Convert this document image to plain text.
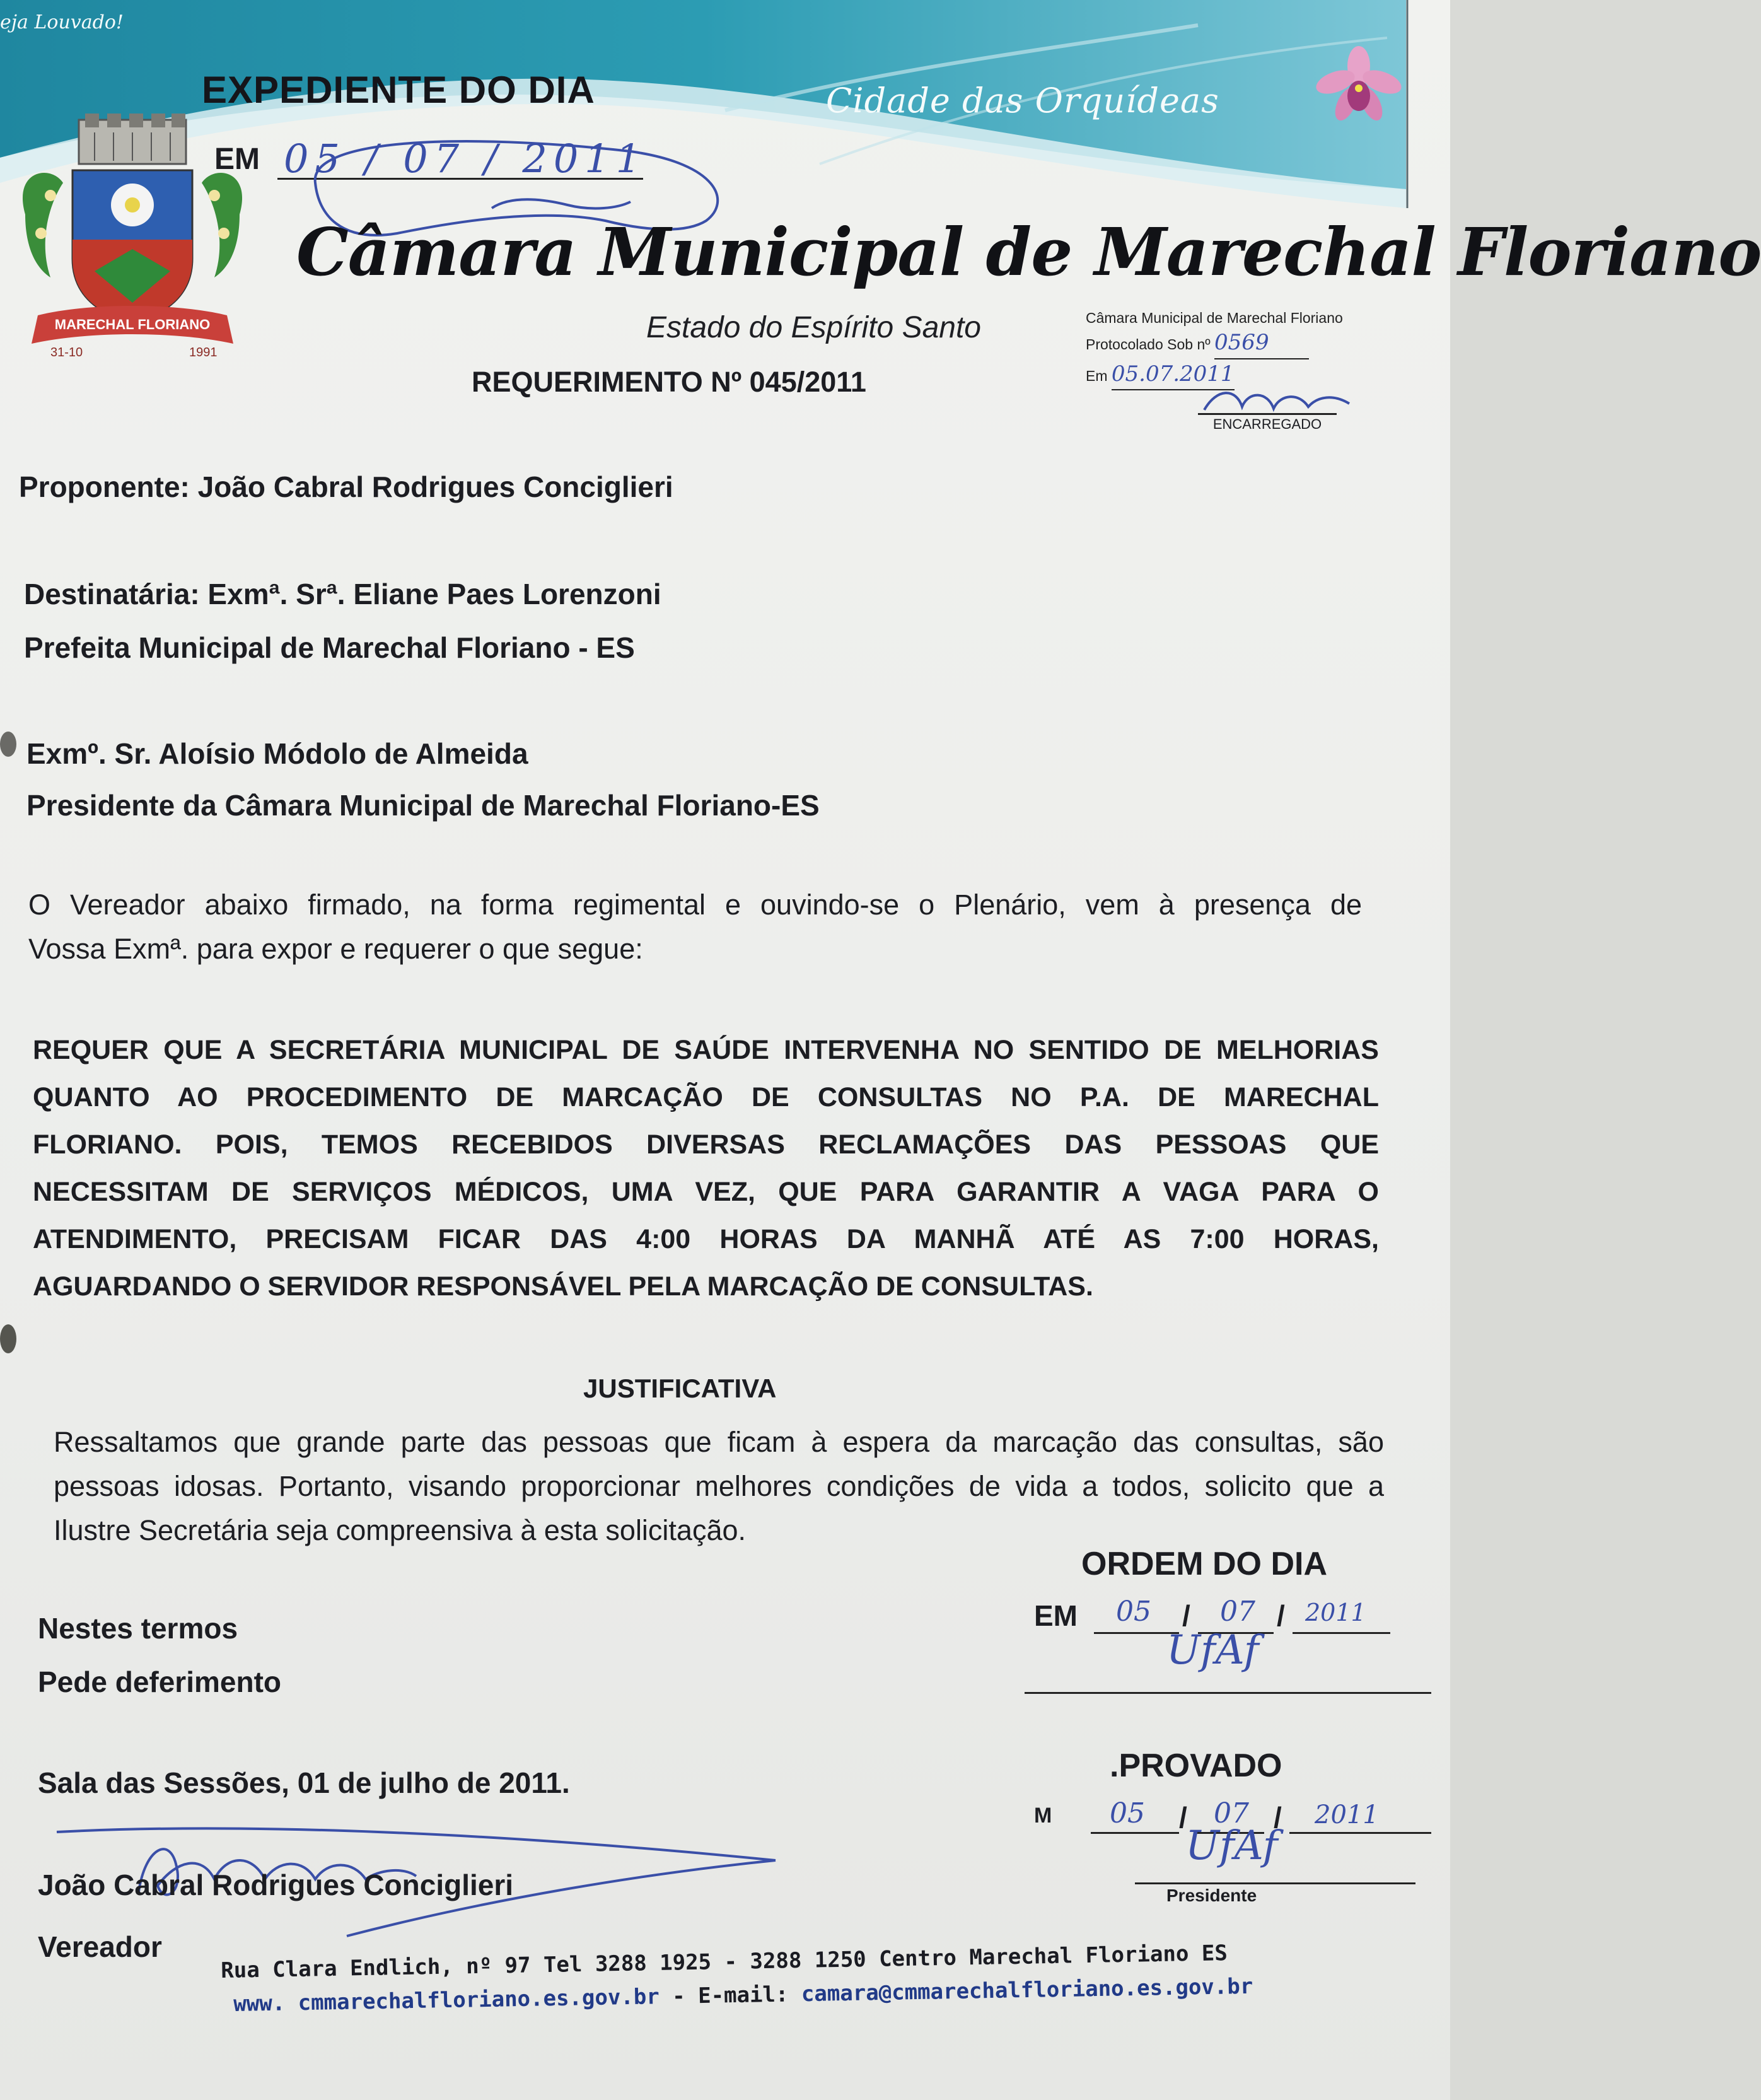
eja Louvado!
Cidade das Orquídeas
MARECHAL FLORIANO
31-10	1991
EXPEDIENTE DO DIA
EM 05 / 07 / 2011
Câmara Municipal de Marechal Floriano
Estado do Espírito Santo
REQUERIMENTO Nº 045/2011
Câmara Municipal de Marechal Floriano
Protocolado Sob nº 0569
Em 05.07.2011
ENCARREGADO
Proponente: João Cabral Rodrigues Conciglieri
Destinatária: Exmª. Srª. Eliane Paes Lorenzoni
Prefeita Municipal de Marechal Floriano - ES
Exmº. Sr. Aloísio Módolo de Almeida
Presidente da Câmara Municipal de Marechal Floriano-ES
O Vereador abaixo firmado, na forma regimental e ouvindo-se o Plenário, vem à presença de
Vossa Exmª. para expor e requerer o que segue:
REQUER QUE A SECRETÁRIA MUNICIPAL DE SAÚDE INTERVENHA NO SENTIDO DE MELHORIAS
QUANTO AO PROCEDIMENTO DE MARCAÇÃO DE CONSULTAS NO P.A. DE MARECHAL
FLORIANO. POIS, TEMOS RECEBIDOS DIVERSAS RECLAMAÇÕES DAS PESSOAS QUE
NECESSITAM DE SERVIÇOS MÉDICOS, UMA VEZ, QUE PARA GARANTIR A VAGA PARA O
ATENDIMENTO, PRECISAM FICAR DAS 4:00 HORAS DA MANHÃ ATÉ AS 7:00 HORAS,
AGUARDANDO O SERVIDOR RESPONSÁVEL PELA MARCAÇÃO DE CONSULTAS.
JUSTIFICATIVA
Ressaltamos que grande parte das pessoas que ficam à espera da marcação das consultas, são
pessoas idosas. Portanto, visando proporcionar melhores condições de vida a todos, solicito que a
Ilustre Secretária seja compreensiva à esta solicitação.
Nestes termos
Pede deferimento
Sala das Sessões, 01 de julho de 2011.
João Cabral Rodrigues Conciglieri
Vereador
ORDEM DO DIA
EM 05 / 07 / 2011
UfAf
.PROVADO
M 05 / 07 / 2011
UfAf
Presidente
Rua Clara Endlich, nº 97 Tel 3288 1925 - 3288 1250 Centro Marechal Floriano ES
www. cmmarechalfloriano.es.gov.br - E-mail: camara@cmmarechalfloriano.es.gov.br
